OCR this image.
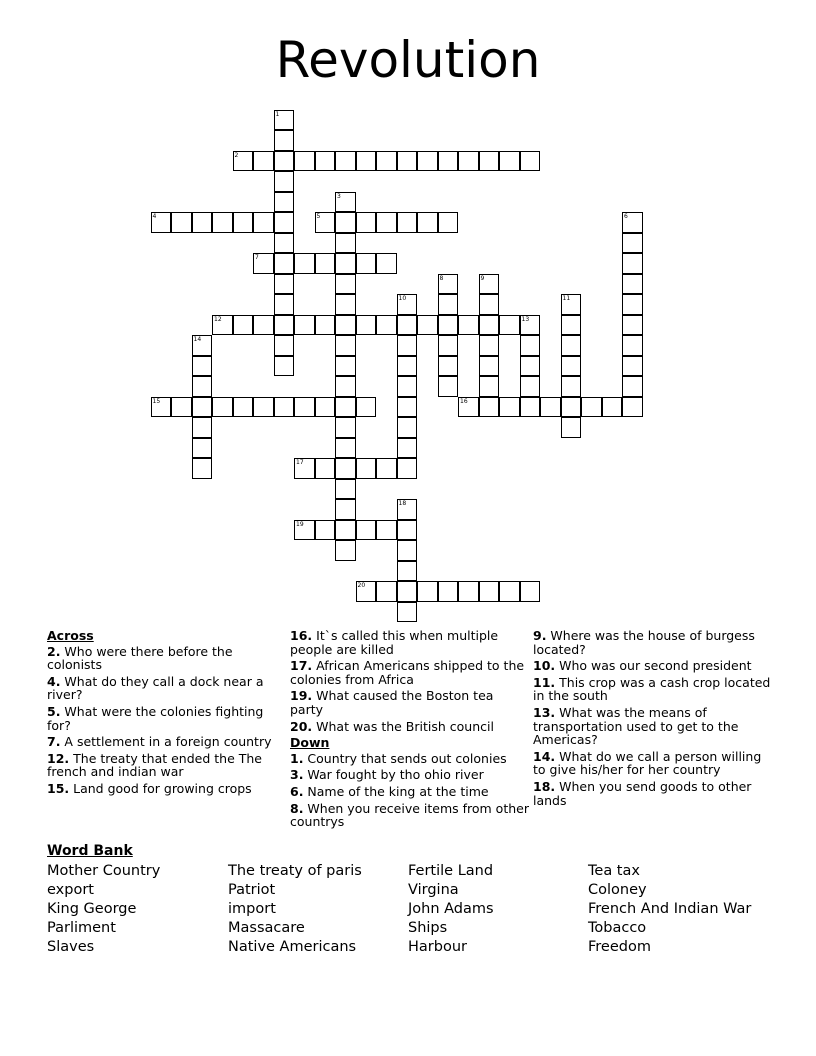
Revolution
1
2
3
4	5	6
7
8	9
10	11
12	13
14
15	16
17
18
19
20
Across
2. Who were there before the colonists
4. What do they call a dock near a river?
5. What were the colonies fighting for?
7. A settlement in a foreign country
12. The treaty that ended the The french and indian war
15. Land good for growing crops
16. It`s called this when multiple people are killed
17. African Americans shipped to the colonies from Africa
19. What caused the Boston tea party
20. What was the British council
Down
1. Country that sends out colonies
3. War fought by tho ohio river
6. Name of the king at the time
8. When you receive items from other countrys
9. Where was the house of burgess located?
10. Who was our second president
11. This crop was a cash crop located in the south
13. What was the means of transportation used to get to the Americas?
14. What do we call a person willing to give his/her for her country
18. When you send goods to other lands
Word Bank
Mother Country
export
King George
Parliment
Slaves
The treaty of paris
Patriot
import
Massacare
Native Americans
Fertile Land
Virgina
John Adams
Ships
Harbour
Tea tax
Coloney
French And Indian War
Tobacco
Freedom
